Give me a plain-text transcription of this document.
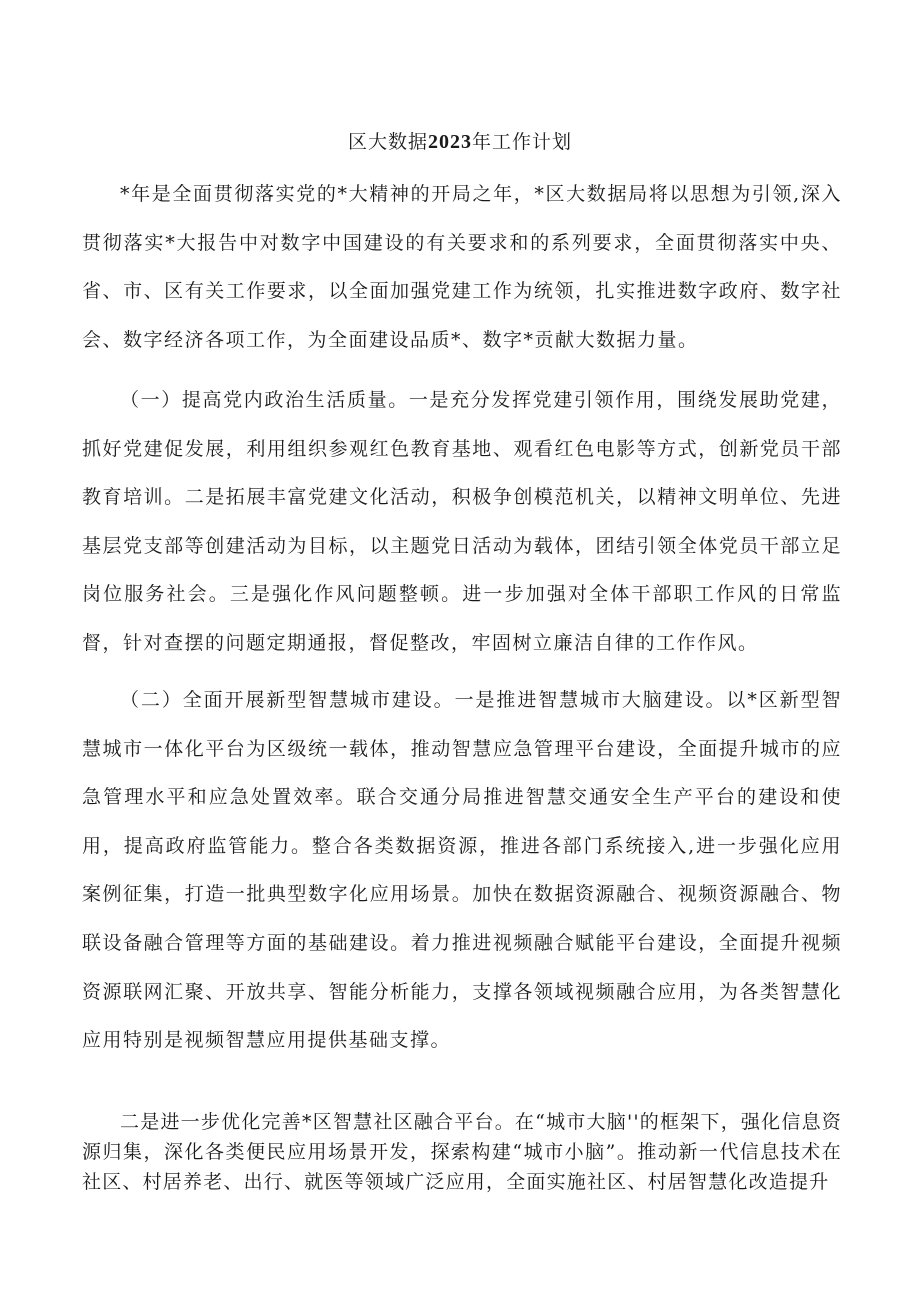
区大数据2023年工作计划

*年是全面贯彻落实党的*大精神的开局之年，*区大数据局将以思想为引领,深入贯彻落实*大报告中对数字中国建设的有关要求和的系列要求，全面贯彻落实中央、省、市、区有关工作要求，以全面加强党建工作为统领，扎实推进数字政府、数字社会、数字经济各项工作，为全面建设品质*、数字*贡献大数据力量。

（一）提高党内政治生活质量。一是充分发挥党建引领作用，围绕发展助党建，抓好党建促发展，利用组织参观红色教育基地、观看红色电影等方式，创新党员干部教育培训。二是拓展丰富党建文化活动，积极争创模范机关，以精神文明单位、先进基层党支部等创建活动为目标，以主题党日活动为载体，团结引领全体党员干部立足岗位服务社会。三是强化作风问题整顿。进一步加强对全体干部职工作风的日常监督，针对查摆的问题定期通报，督促整改，牢固树立廉洁自律的工作作风。

（二）全面开展新型智慧城市建设。一是推进智慧城市大脑建设。以*区新型智慧城市一体化平台为区级统一载体，推动智慧应急管理平台建设，全面提升城市的应急管理水平和应急处置效率。联合交通分局推进智慧交通安全生产平台的建设和使用，提高政府监管能力。整合各类数据资源，推进各部门系统接入,进一步强化应用案例征集，打造一批典型数字化应用场景。加快在数据资源融合、视频资源融合、物联设备融合管理等方面的基础建设。着力推进视频融合赋能平台建设，全面提升视频资源联网汇聚、开放共享、智能分析能力，支撑各领域视频融合应用，为各类智慧化应用特别是视频智慧应用提供基础支撑。

二是进一步优化完善*区智慧社区融合平台。在“城市大脑''的框架下，强化信息资源归集，深化各类便民应用场景开发，探索构建“城市小脑”。推动新一代信息技术在社区、村居养老、出行、就医等领域广泛应用，全面实施社区、村居智慧化改造提升
